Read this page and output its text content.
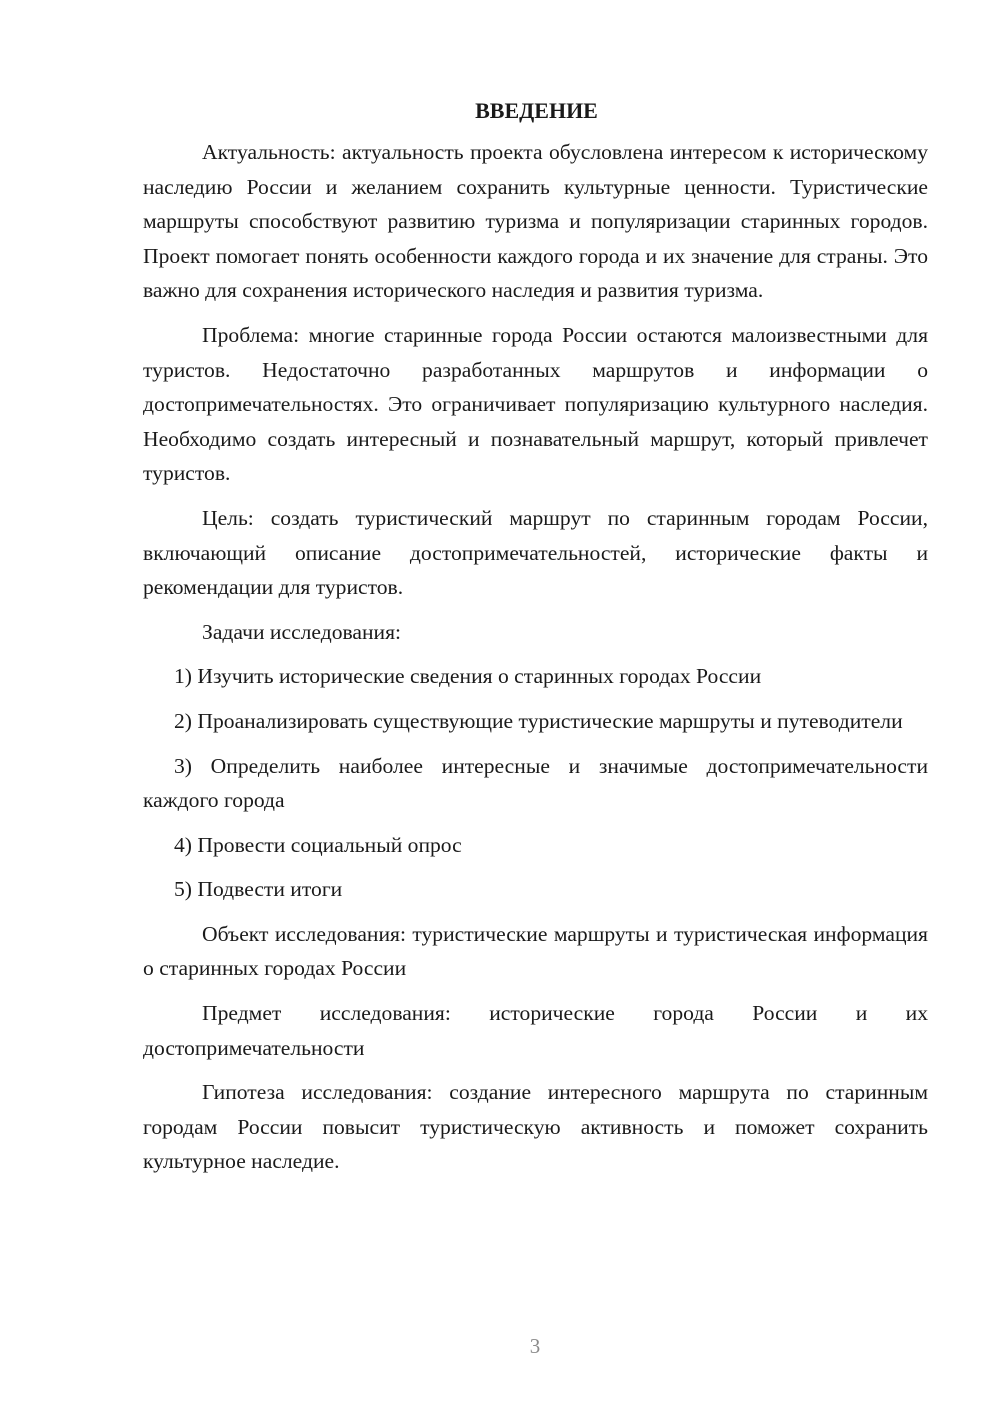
ВВЕДЕНИЕ

Актуальность: актуальность проекта обусловлена интересом к историческому наследию России и желанием сохранить культурные ценности. Туристические маршруты способствуют развитию туризма и популяризации старинных городов. Проект помогает понять особенности каждого города и их значение для страны. Это важно для сохранения исторического наследия и развития туризма.

Проблема: многие старинные города России остаются малоизвестными для туристов. Недостаточно разработанных маршрутов и информации о достопримечательностях. Это ограничивает популяризацию культурного наследия. Необходимо создать интересный и познавательный маршрут, который привлечет туристов.

Цель: создать туристический маршрут по старинным городам России, включающий описание достопримечательностей, исторические факты и рекомендации для туристов.

Задачи исследования:

1) Изучить исторические сведения о старинных городах России

2) Проанализировать существующие туристические маршруты и путеводители

3) Определить наиболее интересные и значимые достопримечательности каждого города

4) Провести социальный опрос

5) Подвести итоги

Объект исследования: туристические маршруты и туристическая информация о старинных городах России

Предмет исследования: исторические города России и их достопримечательности

Гипотеза исследования: создание интересного маршрута по старинным городам России повысит туристическую активность и поможет сохранить культурное наследие.

3
